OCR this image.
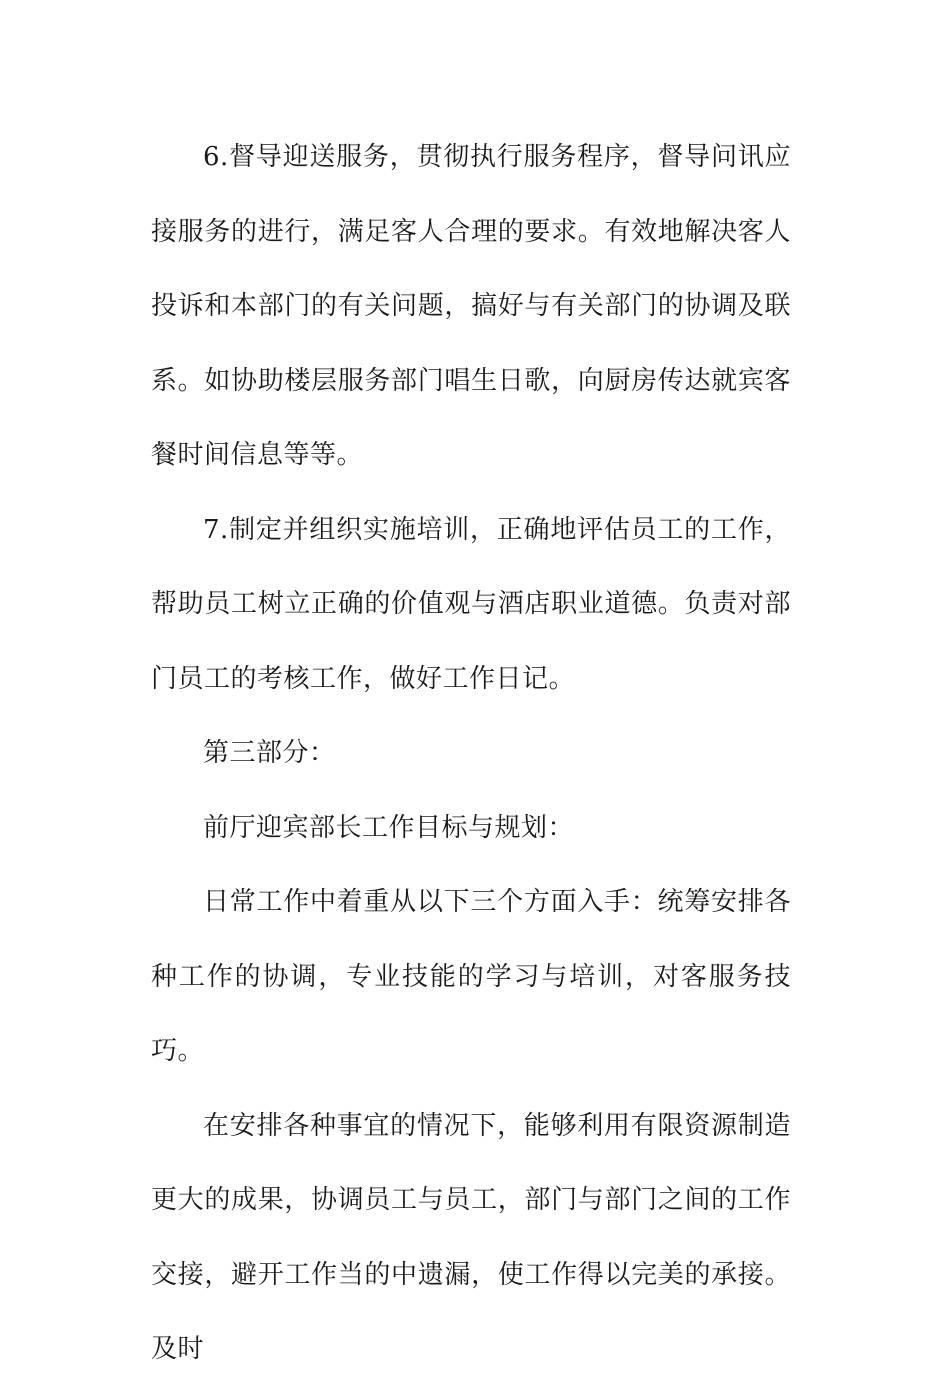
6.督导迎送服务，贯彻执行服务程序，督导问讯应接服务的进行，满足客人合理的要求。有效地解决客人投诉和本部门的有关问题，搞好与有关部门的协调及联系。如协助楼层服务部门唱生日歌，向厨房传达就宾客餐时间信息等等。

7.制定并组织实施培训，正确地评估员工的工作，帮助员工树立正确的价值观与酒店职业道德。负责对部门员工的考核工作，做好工作日记。

第三部分：

前厅迎宾部长工作目标与规划：

日常工作中着重从以下三个方面入手：统筹安排各种工作的协调，专业技能的学习与培训，对客服务技巧。

在安排各种事宜的情况下，能够利用有限资源制造更大的成果，协调员工与员工，部门与部门之间的工作交接，避开工作当的中遗漏，使工作得以完美的承接。及时
